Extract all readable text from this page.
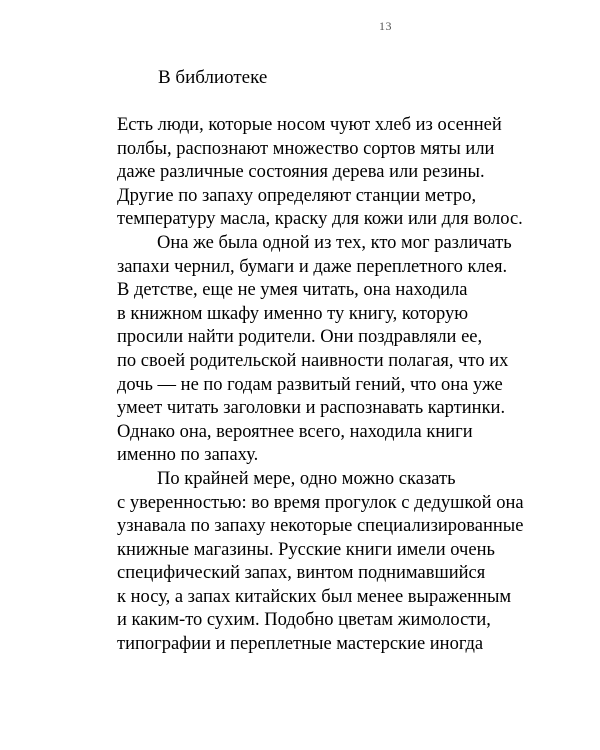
13
В библиотеке
Есть люди, которые носом чуют хлеб из осенней
полбы, распознают множество сортов мяты или
даже различные состояния дерева или резины.
Другие по запаху определяют станции метро,
температуру масла, краску для кожи или для волос.
Она же была одной из тех, кто мог различать
запахи чернил, бумаги и даже переплетного клея.
В детстве, еще не умея читать, она находила
в книжном шкафу именно ту книгу, которую
просили найти родители. Они поздравляли ее,
по своей родительской наивности полагая, что их
дочь — не по годам развитый гений, что она уже
умеет читать заголовки и распознавать картинки.
Однако она, вероятнее всего, находила книги
именно по запаху.
По крайней мере, одно можно сказать
с уверенностью: во время прогулок с дедушкой она
узнавала по запаху некоторые специализированные
книжные магазины. Русские книги имели очень
специфический запах, винтом поднимавшийся
к носу, а запах китайских был менее выраженным
и каким-то сухим. Подобно цветам жимолости,
типографии и переплетные мастерские иногда
